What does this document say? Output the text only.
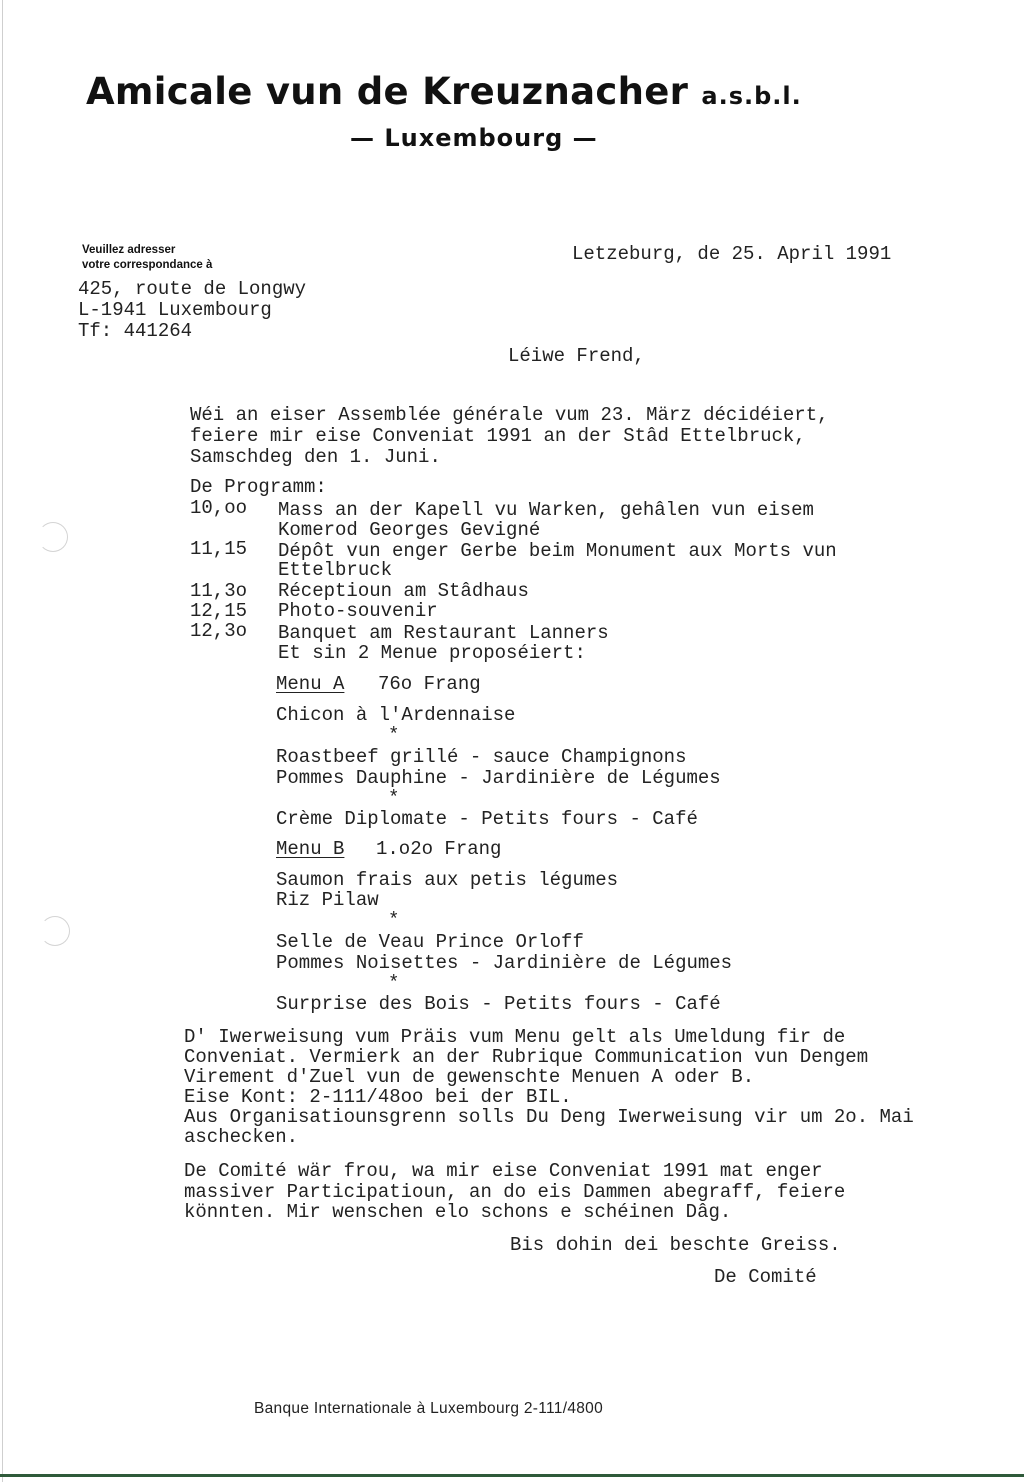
Amicale vun de Kreuznacher a.s.b.l.
— Luxembourg —
Veuillez adresser
votre correspondance à
425, route de Longwy
L-1941 Luxembourg
Tf: 441264
Letzeburg, de 25. April 1991
Léiwe Frend,
Wéi an eiser Assemblée générale vum 23. März décidéiert,
feiere mir eise Conveniat 1991 an der Stâd Ettelbruck,
Samschdeg den 1. Juni.
De Programm:
10,oo Mass an der Kapell vu Warken, gehâlen vun eisem
Komerod Georges Gevigné
11,15 Dépôt vun enger Gerbe beim Monument aux Morts vun
Ettelbruck
11,3o Réceptioun am Stâdhaus
12,15 Photo-souvenir
12,3o Banquet am Restaurant Lanners
Et sin 2 Menue proposéiert:
Menu A 76o Frang
Chicon à l'Ardennaise
*
Roastbeef grillé - sauce Champignons
Pommes Dauphine - Jardinière de Légumes
*
Crème Diplomate - Petits fours - Café
Menu B 1.o2o Frang
Saumon frais aux petis légumes
Riz Pilaw
*
Selle de Veau Prince Orloff
Pommes Noisettes - Jardinière de Légumes
*
Surprise des Bois - Petits fours - Café
D' Iwerweisung vum Präis vum Menu gelt als Umeldung fir de
Conveniat. Vermierk an der Rubrique Communication vun Dengem
Virement d'Zuel vun de gewenschte Menuen A oder B.
Eise Kont: 2-111/48oo bei der BIL.
Aus Organisatiounsgrenn solls Du Deng Iwerweisung vir um 2o. Mai
aschecken.
De Comité wär frou, wa mir eise Conveniat 1991 mat enger
massiver Participatioun, an do eis Dammen abegraff, feiere
könnten. Mir wenschen elo schons e schéinen Dâg.
Bis dohin dei beschte Greiss.
De Comité
Banque Internationale à Luxembourg 2-111/4800
